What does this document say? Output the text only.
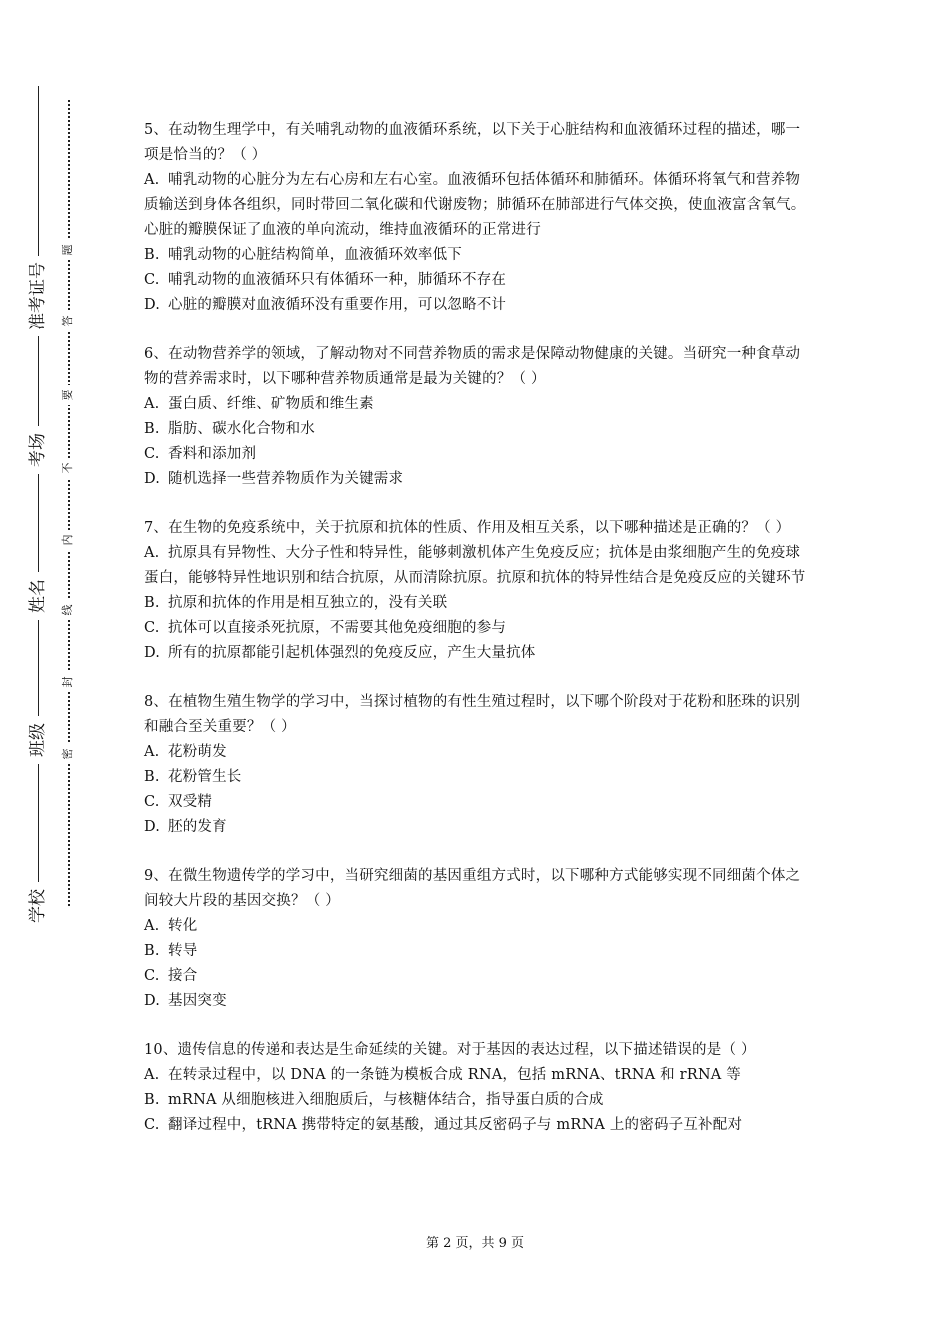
准考证号
考场
姓名
班级
学校
题
答
要
不
内
线
封
密

5、在动物生理学中，有关哺乳动物的血液循环系统，以下关于心脏结构和血液循环过程的描述，哪一项是恰当的？（ ）

A. 哺乳动物的心脏分为左右心房和左右心室。血液循环包括体循环和肺循环。体循环将氧气和营养物质输送到身体各组织，同时带回二氧化碳和代谢废物；肺循环在肺部进行气体交换，使血液富含氧气。心脏的瓣膜保证了血液的单向流动，维持血液循环的正常进行

B. 哺乳动物的心脏结构简单，血液循环效率低下

C. 哺乳动物的血液循环只有体循环一种，肺循环不存在

D. 心脏的瓣膜对血液循环没有重要作用，可以忽略不计

6、在动物营养学的领域，了解动物对不同营养物质的需求是保障动物健康的关键。当研究一种食草动物的营养需求时，以下哪种营养物质通常是最为关键的？（ ）

A. 蛋白质、纤维、矿物质和维生素

B. 脂肪、碳水化合物和水

C. 香料和添加剂

D. 随机选择一些营养物质作为关键需求

7、在生物的免疫系统中，关于抗原和抗体的性质、作用及相互关系，以下哪种描述是正确的？（ ）

A. 抗原具有异物性、大分子性和特异性，能够刺激机体产生免疫反应；抗体是由浆细胞产生的免疫球蛋白，能够特异性地识别和结合抗原，从而清除抗原。抗原和抗体的特异性结合是免疫反应的关键环节

B. 抗原和抗体的作用是相互独立的，没有关联

C. 抗体可以直接杀死抗原，不需要其他免疫细胞的参与

D. 所有的抗原都能引起机体强烈的免疫反应，产生大量抗体

8、在植物生殖生物学的学习中，当探讨植物的有性生殖过程时，以下哪个阶段对于花粉和胚珠的识别和融合至关重要？（ ）

A. 花粉萌发

B. 花粉管生长

C. 双受精

D. 胚的发育

9、在微生物遗传学的学习中，当研究细菌的基因重组方式时，以下哪种方式能够实现不同细菌个体之间较大片段的基因交换？（ ）

A. 转化

B. 转导

C. 接合

D. 基因突变

10、遗传信息的传递和表达是生命延续的关键。对于基因的表达过程，以下描述错误的是（ ）

A. 在转录过程中，以 DNA 的一条链为模板合成 RNA，包括 mRNA、tRNA 和 rRNA 等

B. mRNA 从细胞核进入细胞质后，与核糖体结合，指导蛋白质的合成

C. 翻译过程中，tRNA 携带特定的氨基酸，通过其反密码子与 mRNA 上的密码子互补配对

第 2 页，共 9 页
